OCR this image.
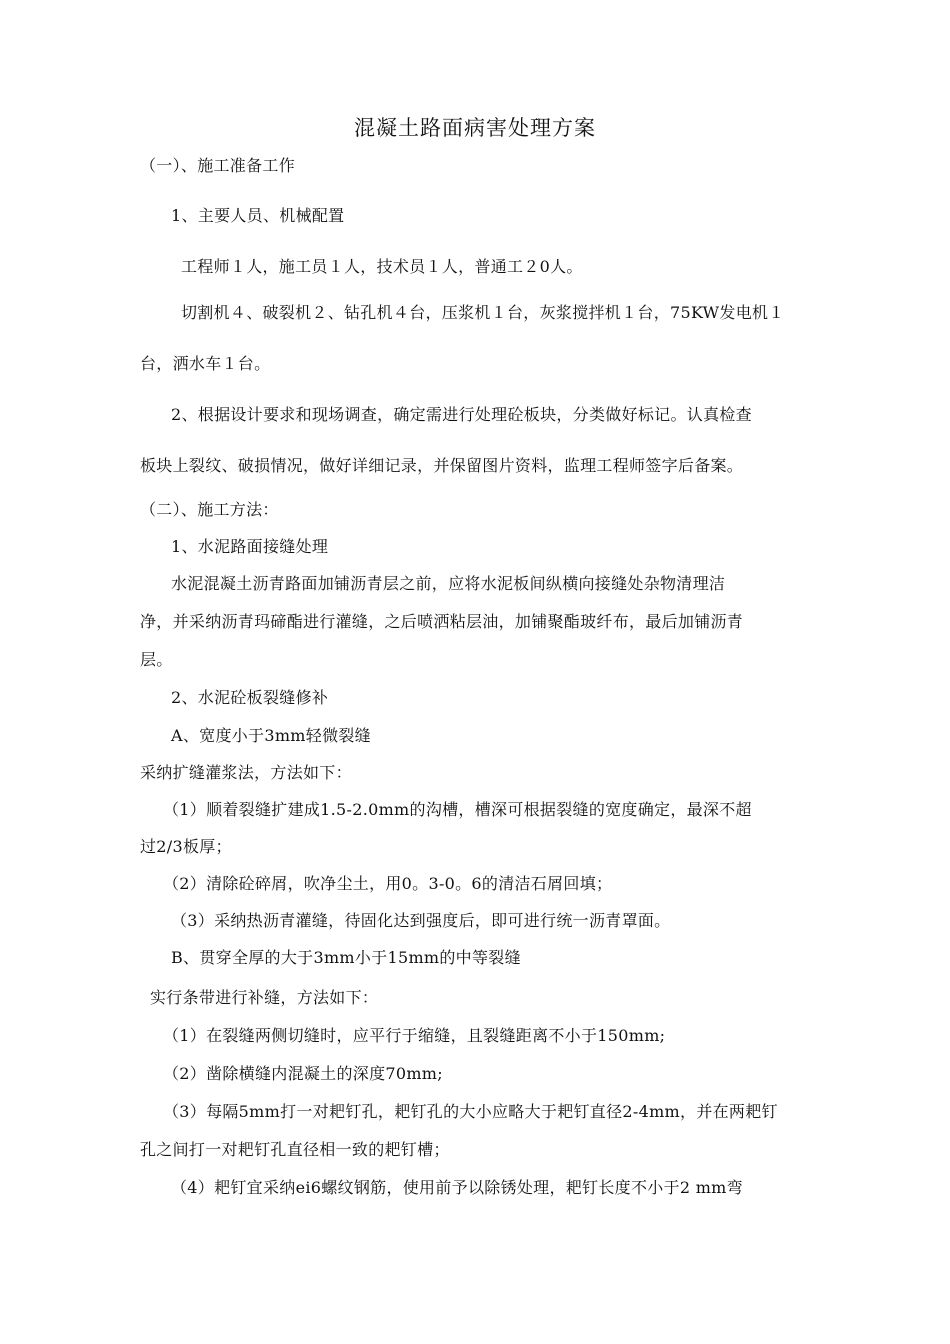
混凝土路面病害处理方案
（一）、施工准备工作
1、主要人员、机械配置
工程师１人，施工员１人，技术员１人，普通工２0人。
切割机４、破裂机２、钻孔机４台，压浆机１台，灰浆搅拌机１台，75KW发电机１
台，洒水车１台。
2、根据设计要求和现场调查，确定需进行处理砼板块，分类做好标记。认真检查
板块上裂纹、破损情况，做好详细记录，并保留图片资料，监理工程师签字后备案。
（二）、施工方法：
1、水泥路面接缝处理
水泥混凝土沥青路面加铺沥青层之前，应将水泥板间纵横向接缝处杂物清理洁
净，并采纳沥青玛碲酯进行灌缝，之后喷洒粘层油，加铺聚酯玻纤布，最后加铺沥青
层。
2、水泥砼板裂缝修补
A、宽度小于3mm轻微裂缝
采纳扩缝灌浆法，方法如下：
（1）顺着裂缝扩建成1.5-2.0mm的沟槽，槽深可根据裂缝的宽度确定，最深不超
过2/3板厚；
（2）清除砼碎屑，吹净尘土，用0。3-0。6的清洁石屑回填；
（3）采纳热沥青灌缝，待固化达到强度后，即可进行统一沥青罩面。
B、贯穿全厚的大于3mm小于15mm的中等裂缝
实行条带进行补缝，方法如下：
（1）在裂缝两侧切缝时，应平行于缩缝，且裂缝距离不小于150mm;
（2）凿除横缝内混凝土的深度70mm;
（3）每隔5mm打一对耙钉孔，耙钉孔的大小应略大于耙钉直径2-4mm，并在两耙钉
孔之间打一对耙钉孔直径相一致的耙钉槽；
（4）耙钉宜采纳ei6螺纹钢筋，使用前予以除锈处理，耙钉长度不小于2 mm弯
